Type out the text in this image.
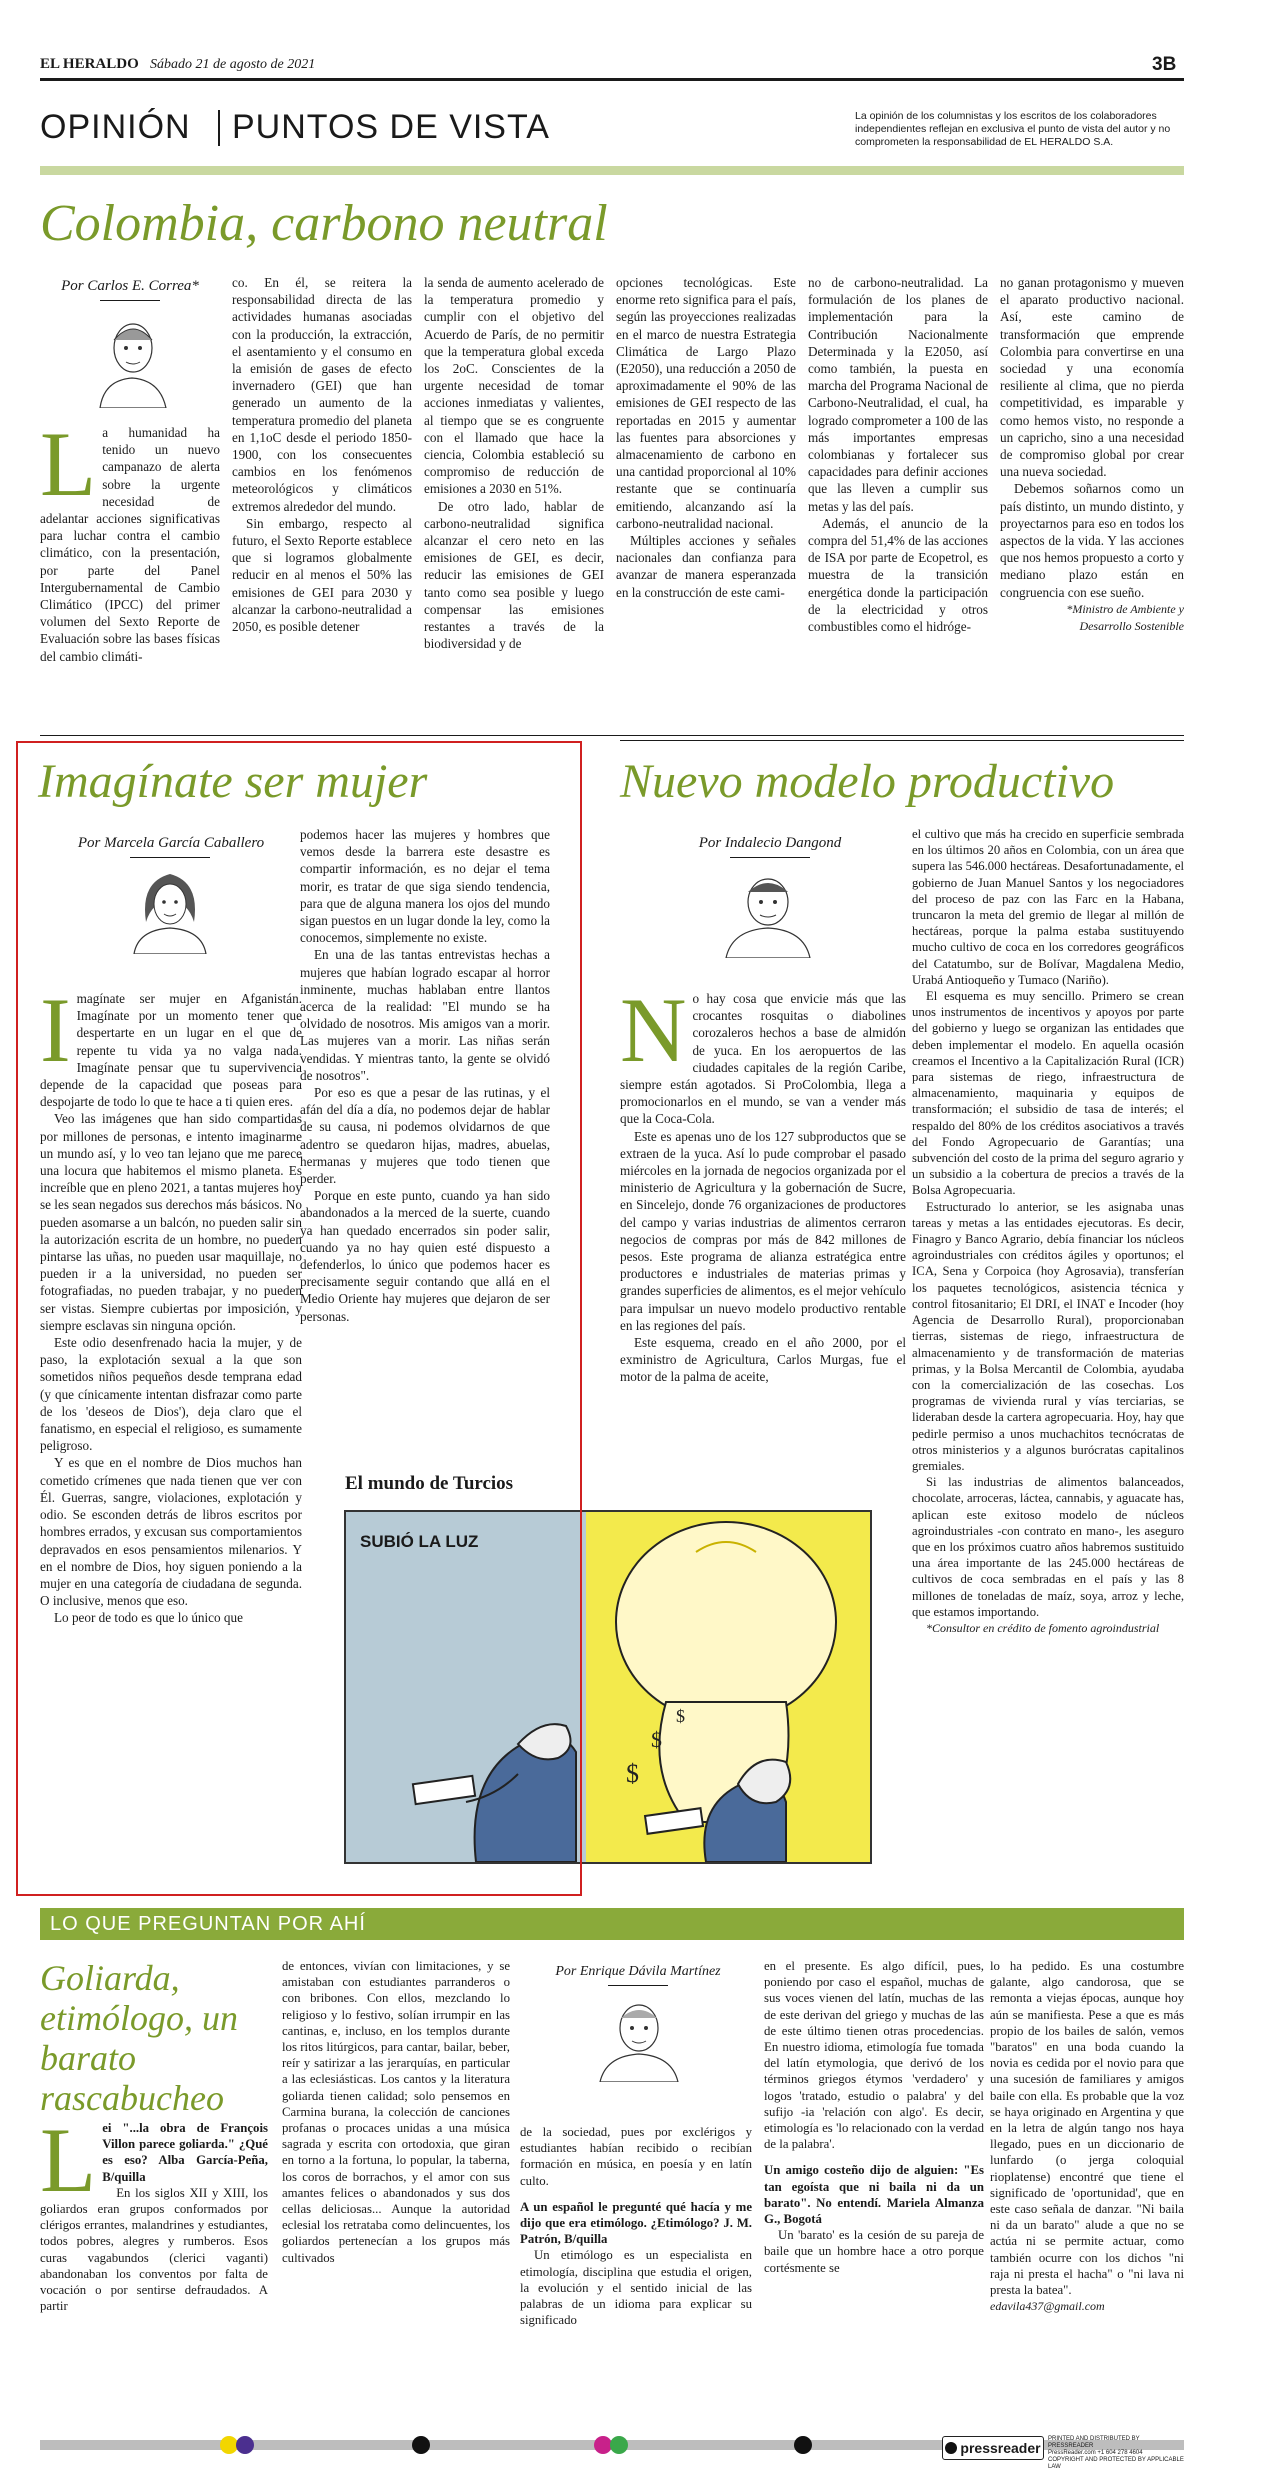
EL HERALDO Sábado 21 de agosto de 2021	3B
OPINIÓN PUNTOS DE VISTA	La opinión de los columnistas y los escritos de los colaboradores independientes reflejan en exclusiva el punto de vista del autor y no comprometen la responsabilidad de EL HERALDO S.A.
Colombia, carbono neutral
Por Carlos E. Correa*
L a humanidad ha tenido un nuevo campanazo de alerta sobre la urgente necesidad de adelantar acciones significativas para luchar contra el cambio climático, con la presentación, por parte del Panel Intergubernamental de Cambio Climático (IPCC) del primer volumen del Sexto Reporte de Evaluación sobre las bases físicas del cambio climáti-

co. En él, se reitera la responsabilidad directa de las actividades humanas asociadas con la producción, la extracción, el asentamiento y el consumo en la emisión de gases de efecto invernadero (GEI) que han generado un aumento de la temperatura promedio del planeta en 1,1oC desde el periodo 1850-1900, con los consecuentes cambios en los fenómenos meteorológicos y climáticos extremos alrededor del mundo.

Sin embargo, respecto al futuro, el Sexto Reporte establece que si logramos globalmente reducir en al menos el 50% las emisiones de GEI para 2030 y alcanzar la carbono-neutralidad a 2050, es posible detener

la senda de aumento acelerado de la temperatura promedio y cumplir con el objetivo del Acuerdo de París, de no permitir que la temperatura global exceda los 2oC. Conscientes de la urgente necesidad de tomar acciones inmediatas y valientes, al tiempo que se es congruente con el llamado que hace la ciencia, Colombia estableció su compromiso de reducción de emisiones a 2030 en 51%.

De otro lado, hablar de carbono-neutralidad significa alcanzar el cero neto en las emisiones de GEI, es decir, reducir las emisiones de GEI tanto como sea posible y luego compensar las emisiones restantes a través de la biodiversidad y de

opciones tecnológicas. Este enorme reto significa para el país, según las proyecciones realizadas en el marco de nuestra Estrategia Climática de Largo Plazo (E2050), una reducción a 2050 de aproximadamente el 90% de las emisiones de GEI respecto de las reportadas en 2015 y aumentar las fuentes para absorciones y almacenamiento de carbono en una cantidad proporcional al 10% restante que se continuaría emitiendo, alcanzando así la carbono-neutralidad nacional.

Múltiples acciones y señales nacionales dan confianza para avanzar de manera esperanzada en la construcción de este cami-

no de carbono-neutralidad. La formulación de los planes de implementación para la Contribución Nacionalmente Determinada y la E2050, así como también, la puesta en marcha del Programa Nacional de Carbono-Neutralidad, el cual, ha logrado comprometer a 100 de las más importantes empresas colombianas y fortalecer sus capacidades para definir acciones que las lleven a cumplir sus metas y las del país.

Además, el anuncio de la compra del 51,4% de las acciones de ISA por parte de Ecopetrol, es muestra de la transición energética donde la participación de la electricidad y otros combustibles como el hidróge-

no ganan protagonismo y mueven el aparato productivo nacional. Así, este camino de transformación que emprende Colombia para convertirse en una sociedad y una economía resiliente al clima, que no pierda competitividad, es imparable y como hemos visto, no responde a un capricho, sino a una necesidad de compromiso global por crear una nueva sociedad.

Debemos soñarnos como un país distinto, un mundo distinto, y proyectarnos para eso en todos los aspectos de la vida. Y las acciones que nos hemos propuesto a corto y mediano plazo están en congruencia con ese sueño.

*Ministro de Ambiente y Desarrollo Sostenible

Imagínate ser mujer
Por Marcela García Caballero
I magínate ser mujer en Afganistán. Imagínate por un momento tener que despertarte en un lugar en el que de repente tu vida ya no valga nada. Imagínate pensar que tu supervivencia depende de la capacidad que poseas para despojarte de todo lo que te hace a ti quien eres.

Veo las imágenes que han sido compartidas por millones de personas, e intento imaginarme un mundo así, y lo veo tan lejano que me parece una locura que habitemos el mismo planeta. Es increíble que en pleno 2021, a tantas mujeres hoy se les sean negados sus derechos más básicos. No pueden asomarse a un balcón, no pueden salir sin la autorización escrita de un hombre, no pueden pintarse las uñas, no pueden usar maquillaje, no pueden ir a la universidad, no pueden ser fotografiadas, no pueden trabajar, y no pueden ser vistas. Siempre cubiertas por imposición, y siempre esclavas sin ninguna opción.

Este odio desenfrenado hacia la mujer, y de paso, la explotación sexual a la que son sometidos niños pequeños desde temprana edad (y que cínicamente intentan disfrazar como parte de los 'deseos de Dios'), deja claro que el fanatismo, en especial el religioso, es sumamente peligroso.

Y es que en el nombre de Dios muchos han cometido crímenes que nada tienen que ver con Él. Guerras, sangre, violaciones, explotación y odio. Se esconden detrás de libros escritos por hombres errados, y excusan sus comportamientos depravados en esos pensamientos milenarios. Y en el nombre de Dios, hoy siguen poniendo a la mujer en una categoría de ciudadana de segunda. O inclusive, menos que eso.

Lo peor de todo es que lo único que

podemos hacer las mujeres y hombres que vemos desde la barrera este desastre es compartir información, es no dejar el tema morir, es tratar de que siga siendo tendencia, para que de alguna manera los ojos del mundo sigan puestos en un lugar donde la ley, como la conocemos, simplemente no existe.

En una de las tantas entrevistas hechas a mujeres que habían logrado escapar al horror inminente, muchas hablaban entre llantos acerca de la realidad: "El mundo se ha olvidado de nosotros. Mis amigos van a morir. Las mujeres van a morir. Las niñas serán vendidas. Y mientras tanto, la gente se olvidó de nosotros".

Por eso es que a pesar de las rutinas, y el afán del día a día, no podemos dejar de hablar de su causa, ni podemos olvidarnos de que adentro se quedaron hijas, madres, abuelas, hermanas y mujeres que todo tienen que perder.

Porque en este punto, cuando ya han sido abandonados a la merced de la suerte, cuando ya han quedado encerrados sin poder salir, cuando ya no hay quien esté dispuesto a defenderlos, lo único que podemos hacer es precisamente seguir contando que allá en el Medio Oriente hay mujeres que dejaron de ser personas.

El mundo de Turcios
SUBIÓ LA LUZ
$
$
$
Nuevo modelo productivo
Por Indalecio Dangond
N o hay cosa que envicie más que las crocantes rosquitas o diabolines corozaleros hechos a base de almidón de yuca. En los aeropuertos de las ciudades capitales de la región Caribe, siempre están agotados. Si ProColombia, llega a promocionarlos en el mundo, se van a vender más que la Coca-Cola.

Este es apenas uno de los 127 subproductos que se extraen de la yuca. Así lo pude comprobar el pasado miércoles en la jornada de negocios organizada por el ministerio de Agricultura y la gobernación de Sucre, en Sincelejo, donde 76 organizaciones de productores del campo y varias industrias de alimentos cerraron negocios de compras por más de 842 millones de pesos. Este programa de alianza estratégica entre productores e industriales de materias primas y grandes superficies de alimentos, es el mejor vehículo para impulsar un nuevo modelo productivo rentable en las regiones del país.

Este esquema, creado en el año 2000, por el exministro de Agricultura, Carlos Murgas, fue el motor de la palma de aceite,

el cultivo que más ha crecido en superficie sembrada en los últimos 20 años en Colombia, con un área que supera las 546.000 hectáreas. Desafortunadamente, el gobierno de Juan Manuel Santos y los negociadores del proceso de paz con las Farc en la Habana, truncaron la meta del gremio de llegar al millón de hectáreas, porque la palma estaba sustituyendo mucho cultivo de coca en los corredores geográficos del Catatumbo, sur de Bolívar, Magdalena Medio, Urabá Antioqueño y Tumaco (Nariño).

El esquema es muy sencillo. Primero se crean unos instrumentos de incentivos y apoyos por parte del gobierno y luego se organizan las entidades que deben implementar el modelo. En aquella ocasión creamos el Incentivo a la Capitalización Rural (ICR) para sistemas de riego, infraestructura de almacenamiento, maquinaria y equipos de transformación; el subsidio de tasa de interés; el respaldo del 80% de los créditos asociativos a través del Fondo Agropecuario de Garantías; una subvención del costo de la prima del seguro agrario y un subsidio a la cobertura de precios a través de la Bolsa Agropecuaria.

Estructurado lo anterior, se les asignaba unas tareas y metas a las entidades ejecutoras. Es decir, Finagro y Banco Agrario, debía financiar los núcleos agroindustriales con créditos ágiles y oportunos; el ICA, Sena y Corpoica (hoy Agrosavia), transferían los paquetes tecnológicos, asistencia técnica y control fitosanitario; El DRI, el INAT e Incoder (hoy Agencia de Desarrollo Rural), proporcionaban tierras, sistemas de riego, infraestructura de almacenamiento y de transformación de materias primas, y la Bolsa Mercantil de Colombia, ayudaba con la comercialización de las cosechas. Los programas de vivienda rural y vías terciarias, se lideraban desde la cartera agropecuaria. Hoy, hay que pedirle permiso a unos muchachitos tecnócratas de otros ministerios y a algunos burócratas capitalinos gremiales.

Si las industrias de alimentos balanceados, chocolate, arroceras, láctea, cannabis, y aguacate has, aplican este exitoso modelo de núcleos agroindustriales -con contrato en mano-, les aseguro que en los próximos cuatro años habremos sustituido una área importante de las 245.000 hectáreas de cultivos de coca sembradas en el país y las 8 millones de toneladas de maíz, soya, arroz y leche, que estamos importando.

*Consultor en crédito de fomento agroindustrial

LO QUE PREGUNTAN POR AHÍ
Goliarda, etimólogo, un barato rascabucheo
L ei "...la obra de François Villon parece goliarda." ¿Qué es eso? Alba García-Peña, B/quilla

En los siglos XII y XIII, los goliardos eran grupos conformados por clérigos errantes, malandrines y estudiantes, todos pobres, alegres y rumberos. Esos curas vagabundos (clerici vaganti) abandonaban los conventos por falta de vocación o por sentirse defraudados. A partir

de entonces, vivían con limitaciones, y se amistaban con estudiantes parranderos o con bribones. Con ellos, mezclando lo religioso y lo festivo, solían irrumpir en las cantinas, e, incluso, en los templos durante los ritos litúrgicos, para cantar, bailar, beber, reír y satirizar a las jerarquías, en particular a las eclesiásticas. Los cantos y la literatura goliarda tienen calidad; solo pensemos en Carmina burana, la colección de canciones profanas o procaces unidas a una música sagrada y escrita con ortodoxia, que giran en torno a la fortuna, lo popular, la taberna, los coros de borrachos, y el amor con sus amantes felices o abandonados y sus dos cellas deliciosas... Aunque la autoridad eclesial los retrataba como delincuentes, los goliardos pertenecían a los grupos más cultivados

Por Enrique Dávila Martínez

de la sociedad, pues por exclérigos y estudiantes habían recibido o recibían formación en música, en poesía y en latín culto.

A un español le pregunté qué hacía y me dijo que era etimólogo. ¿Etimólogo? J. M. Patrón, B/quilla

Un etimólogo es un especialista en etimología, disciplina que estudia el origen, la evolución y el sentido inicial de las palabras de un idioma para explicar su significado

en el presente. Es algo difícil, pues, poniendo por caso el español, muchas de sus voces vienen del latín, muchas de las de este derivan del griego y muchas de las de este último tienen otras procedencias. En nuestro idioma, etimología fue tomada del latín etymologia, que derivó de los términos griegos étymos 'verdadero' y logos 'tratado, estudio o palabra' y del sufijo -ia 'relación con algo'. Es decir, etimología es 'lo relacionado con la verdad de la palabra'.

Un amigo costeño dijo de alguien: "Es tan egoísta que ni baila ni da un barato". No entendí. Mariela Almanza G., Bogotá

Un 'barato' es la cesión de su pareja de baile que un hombre hace a otro porque cortésmente se

lo ha pedido. Es una costumbre galante, algo candorosa, que se remonta a viejas épocas, aunque hoy aún se manifiesta. Pese a que es más propio de los bailes de salón, vemos "baratos" en una boda cuando la novia es cedida por el novio para que una sucesión de familiares y amigos baile con ella. Es probable que la voz se haya originado en Argentina y que en la letra de algún tango nos haya llegado, pues en un diccionario de lunfardo (o jerga coloquial rioplatense) encontré que tiene el significado de 'oportunidad', que en este caso señala de danzar. "Ni baila ni da un barato" alude a que no se actúa ni se permite actuar, como también ocurre con los dichos "ni raja ni presta el hacha" o "ni lava ni presta la batea".

edavila437@gmail.com

pressreader
PRINTED AND DISTRIBUTED BY PRESSREADER
PressReader.com +1 604 278 4604
COPYRIGHT AND PROTECTED BY APPLICABLE LAW
